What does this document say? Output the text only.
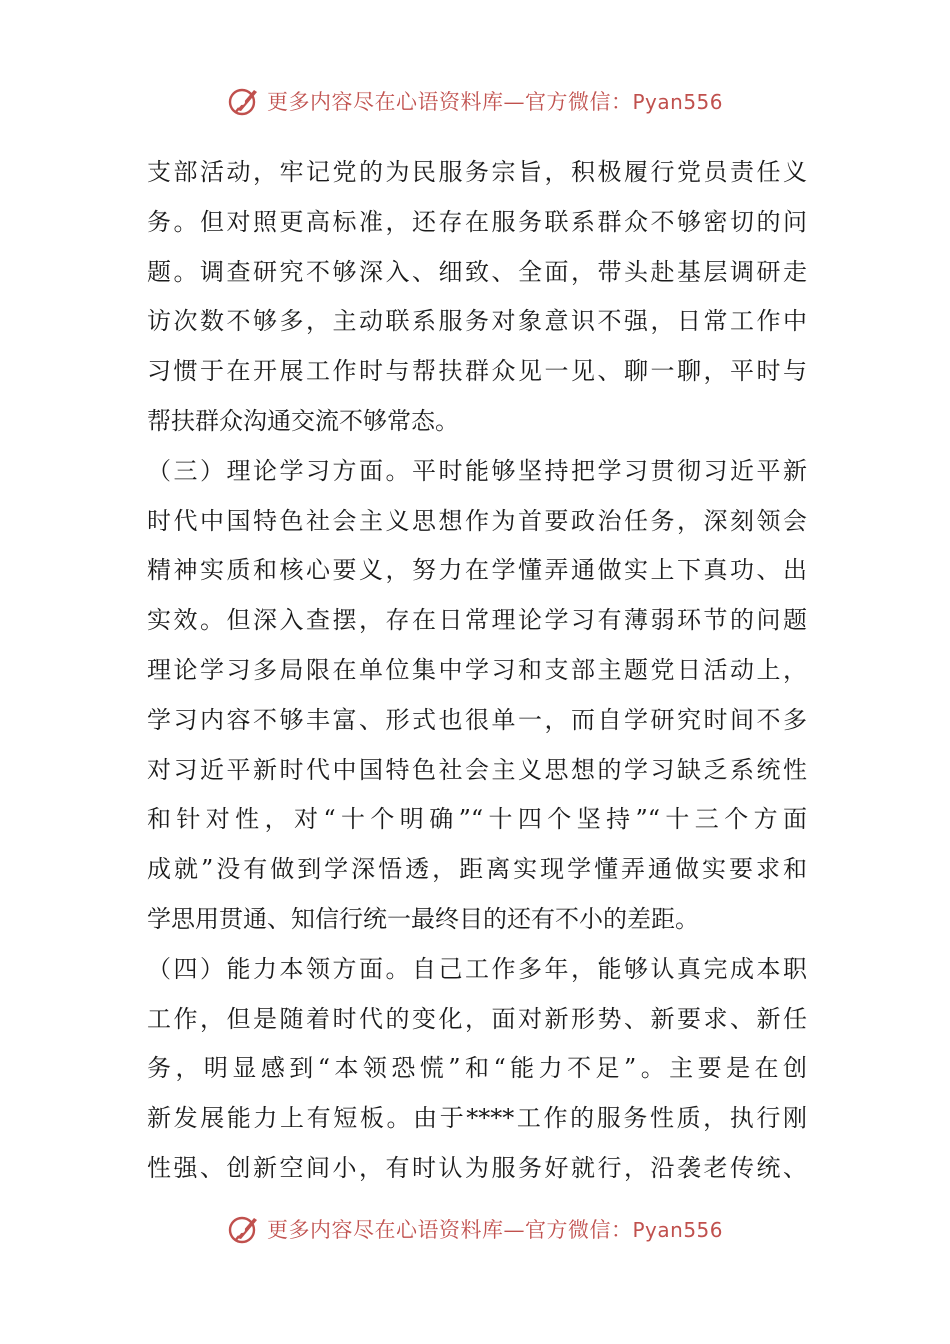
更多内容尽在心语资料库—官方微信：Pyan556
支部活动，牢记党的为民服务宗旨，积极履行党员责任义
务。但对照更高标准，还存在服务联系群众不够密切的问
题。调查研究不够深入、细致、全面，带头赴基层调研走
访次数不够多，主动联系服务对象意识不强，日常工作中
习惯于在开展工作时与帮扶群众见一见、聊一聊，平时与
帮扶群众沟通交流不够常态。
（三）理论学习方面。平时能够坚持把学习贯彻习近平新
时代中国特色社会主义思想作为首要政治任务，深刻领会
精神实质和核心要义，努力在学懂弄通做实上下真功、出
实效。但深入查摆，存在日常理论学习有薄弱环节的问题
理论学习多局限在单位集中学习和支部主题党日活动上，
学习内容不够丰富、形式也很单一，而自学研究时间不多
对习近平新时代中国特色社会主义思想的学习缺乏系统性
和针对性，对“十个明确”“十四个坚持”“十三个方面
成就”没有做到学深悟透，距离实现学懂弄通做实要求和
学思用贯通、知信行统一最终目的还有不小的差距。
（四）能力本领方面。自己工作多年，能够认真完成本职
工作，但是随着时代的变化，面对新形势、新要求、新任
务，明显感到“本领恐慌”和“能力不足”。主要是在创
新发展能力上有短板。由于****工作的服务性质，执行刚
性强、创新空间小，有时认为服务好就行，沿袭老传统、
更多内容尽在心语资料库—官方微信：Pyan556
